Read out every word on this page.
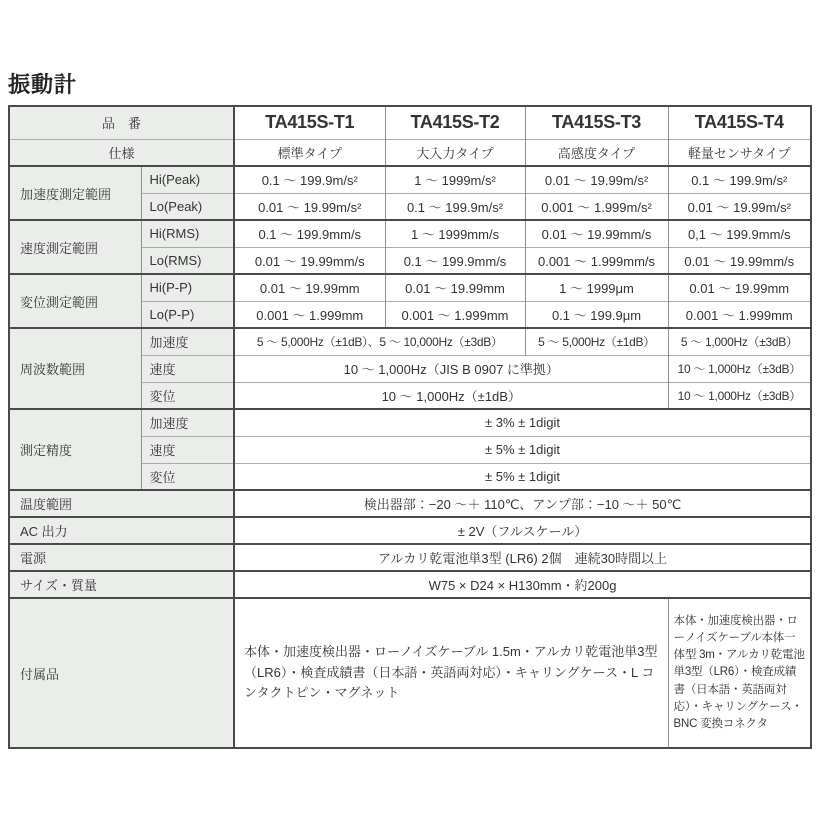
振動計
品　番		TA415S-T1	TA415S-T2	TA415S-T3	TA415S-T4
仕様		標準タイプ	大入力タイプ	高感度タイプ	軽量センサタイプ
加速度測定範囲	Hi(Peak)	0.1 ～ 199.9m/s²	1 ～ 1999m/s²	0.01 ～ 19.99m/s²	0.1 ～ 199.9m/s²
	Lo(Peak)	0.01 ～ 19.99m/s²	0.1 ～ 199.9m/s²	0.001 ～ 1.999m/s²	0.01 ～ 19.99m/s²
速度測定範囲	Hi(RMS)	0.1 ～ 199.9mm/s	1 ～ 1999mm/s	0.01 ～ 19.99mm/s	0,1 ～ 199.9mm/s
	Lo(RMS)	0.01 ～ 19.99mm/s	0.1 ～ 199.9mm/s	0.001 ～ 1.999mm/s	0.01 ～ 19.99mm/s
変位測定範囲	Hi(P-P)	0.01 ～ 19.99mm	0.01 ～ 19.99mm	1 ～ 1999μm	0.01 ～ 19.99mm
	Lo(P-P)	0.001 ～ 1.999mm	0.001 ～ 1.999mm	0.1 ～ 199.9μm	0.001 ～ 1.999mm
周波数範囲	加速度	5 ～ 5,000Hz（±1dB）、5 ～ 10,000Hz（±3dB）		5 ～ 5,000Hz（±1dB）	5 ～ 1,000Hz（±3dB）
	速度	10 ～ 1,000Hz（JIS B 0907 に準拠）			10 ～ 1,000Hz（±3dB）
	変位	10 ～ 1,000Hz（±1dB）			10 ～ 1,000Hz（±3dB）
測定精度	加速度	± 3% ± 1digit			
	速度	± 5% ± 1digit			
	変位	± 5% ± 1digit			
温度範囲		検出器部：−20 ～＋ 110℃、アンプ部：−10 ～＋ 50℃			
AC 出力		± 2V（フルスケール）			
電源		アルカリ乾電池単3型 (LR6) 2個　連続30時間以上			
サイズ・質量		W75 × D24 × H130mm・約200g			
付属品		本体・加速度検出器・ローノイズケーブル 1.5m・アルカリ乾電池単3型（LR6）・検査成績書（日本語・英語両対応）・キャリングケース・L コンタクトピン・マグネット			本体・加速度検出器・ローノイズケーブル本体一体型 3m・アルカリ乾電池単3型（LR6）・検査成績書（日本語・英語両対応）・キャリングケース・BNC 変換コネクタ
